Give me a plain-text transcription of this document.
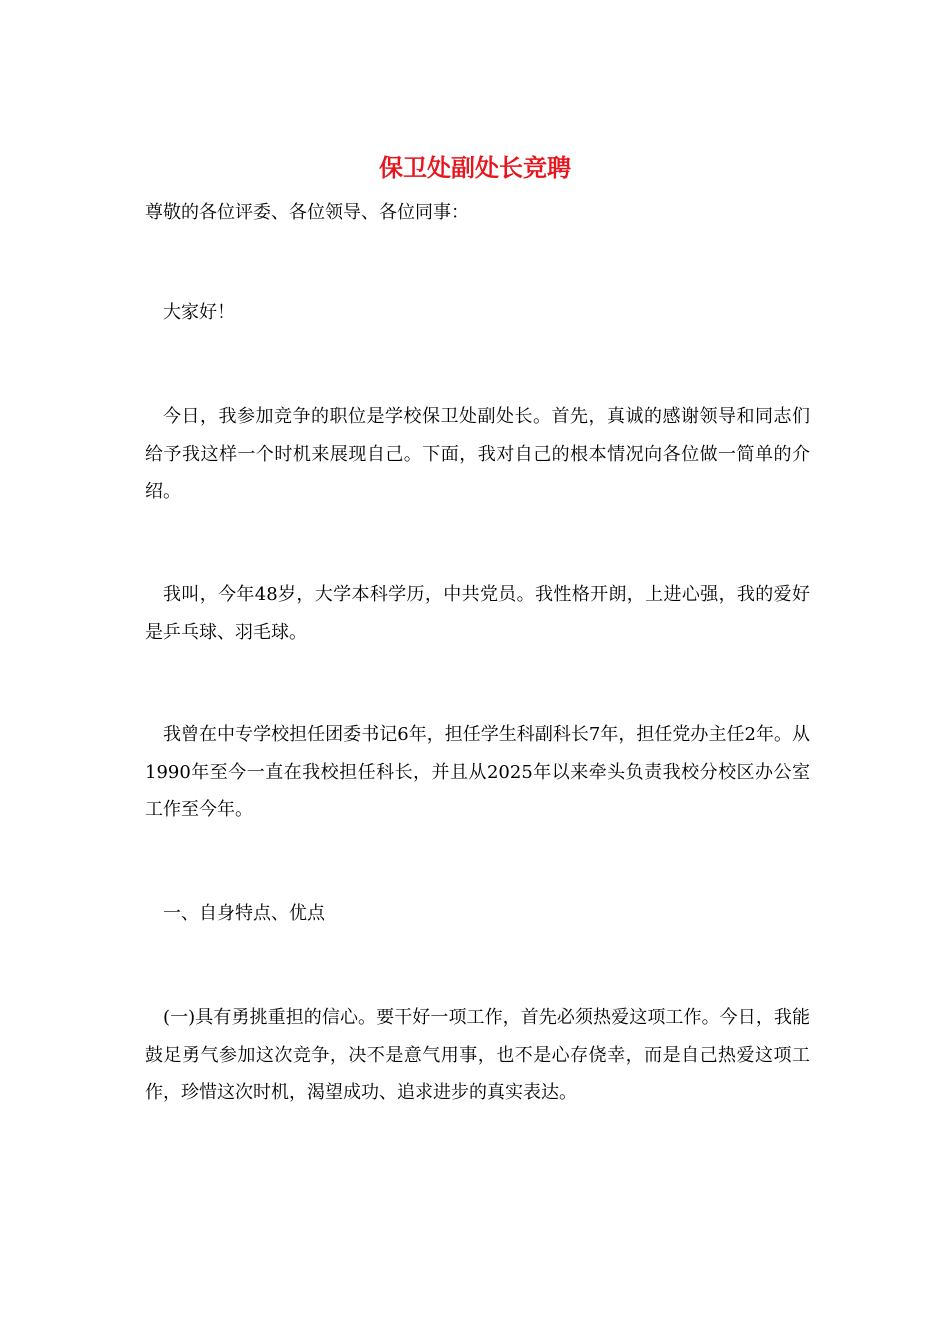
保卫处副处长竞聘
尊敬的各位评委、各位领导、各位同事：
大家好！
今日，我参加竞争的职位是学校保卫处副处长。首先，真诚的感谢领导和同志们给予我这样一个时机来展现自己。下面，我对自己的根本情况向各位做一简单的介绍。
我叫，今年48岁，大学本科学历，中共党员。我性格开朗，上进心强，我的爱好是乒乓球、羽毛球。
我曾在中专学校担任团委书记6年，担任学生科副科长7年，担任党办主任2年。从1990年至今一直在我校担任科长，并且从2025年以来牵头负责我校分校区办公室工作至今年。
一、自身特点、优点
(一)具有勇挑重担的信心。要干好一项工作，首先必须热爱这项工作。今日，我能鼓足勇气参加这次竞争，决不是意气用事，也不是心存侥幸，而是自己热爱这项工作，珍惜这次时机，渴望成功、追求进步的真实表达。
